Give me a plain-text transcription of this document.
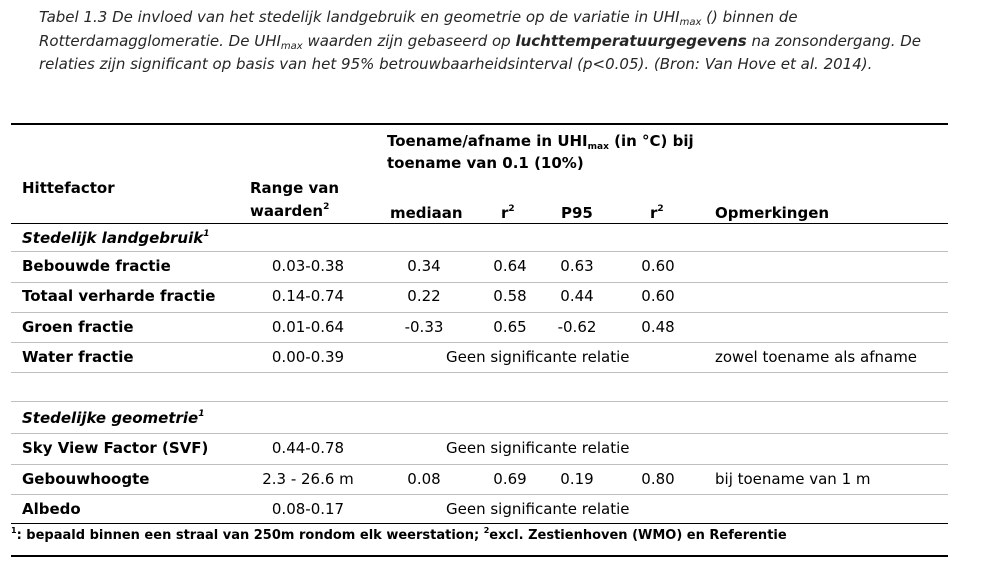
Tabel 1.3 De invloed van het stedelijk landgebruik en geometrie op de variatie in $UHI_{max}$ () binnen de Rotterdamagglomeratie. De $UHI_{max}$ waarden zijn gebaseerd op luchttemperatuurgegevens na zonsondergang. De relaties zijn significant op basis van het 95% betrouwbaarheidsinterval (p<0.05). (Bron: Van Hove et al. 2014).
Toename/afname in $UHI_{max}$ (in °C) bij
toename van 0.1 (10%)
Hittefactor	Range van
waarden$^2$	mediaan	$r^2$	P95	$r^2$	Opmerkingen
Stedelijk landgebruik$^1$
Bebouwde fractie	0.03-0.38	0.34	0.64	0.63	0.60
Totaal verharde fractie	0.14-0.74	0.22	0.58	0.44	0.60
Groen fractie	0.01-0.64	-0.33	0.65	-0.62	0.48
Water fractie	0.00-0.39	Geen significante relatie	zowel toename als afname
Stedelijke geometrie$^1$
Sky View Factor (SVF)	0.44-0.78	Geen significante relatie
Gebouwhoogte	2.3 - 26.6 m	0.08	0.69	0.19	0.80	bij toename van 1 m
Albedo	0.08-0.17	Geen significante relatie
$^1$: bepaald binnen een straal van 250m rondom elk weerstation; $^2$excl. Zestienhoven (WMO) en Referentie
